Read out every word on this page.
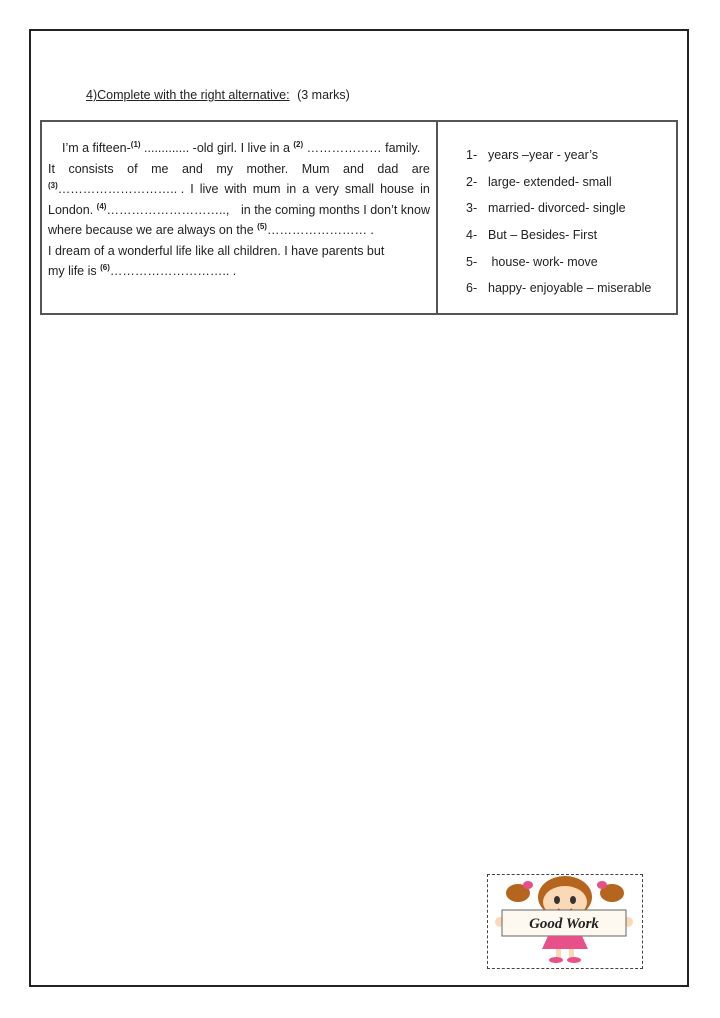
4)Complete with the right alternative: (3 marks)
I’m a fifteen-$^{(1)}$ ............. -old girl. I live in a $^{(2)}$ ……………… family.
It consists of me and my mother. Mum and dad are
$^{(3)}$……………………….. . I live with mum in a very small house in
London. $^{(4)}$……………………….., in the coming months I don’t know
where because we are always on the $^{(5)}$…………………… .
I dream of a wonderful life like all children. I have parents but
my life is $^{(6)}$……………………….. .
1- years –year - year’s
2- large- extended- small
3- married- divorced- single
4- But – Besides- First
5- house- work- move
6- happy- enjoyable – miserable
Good Work
